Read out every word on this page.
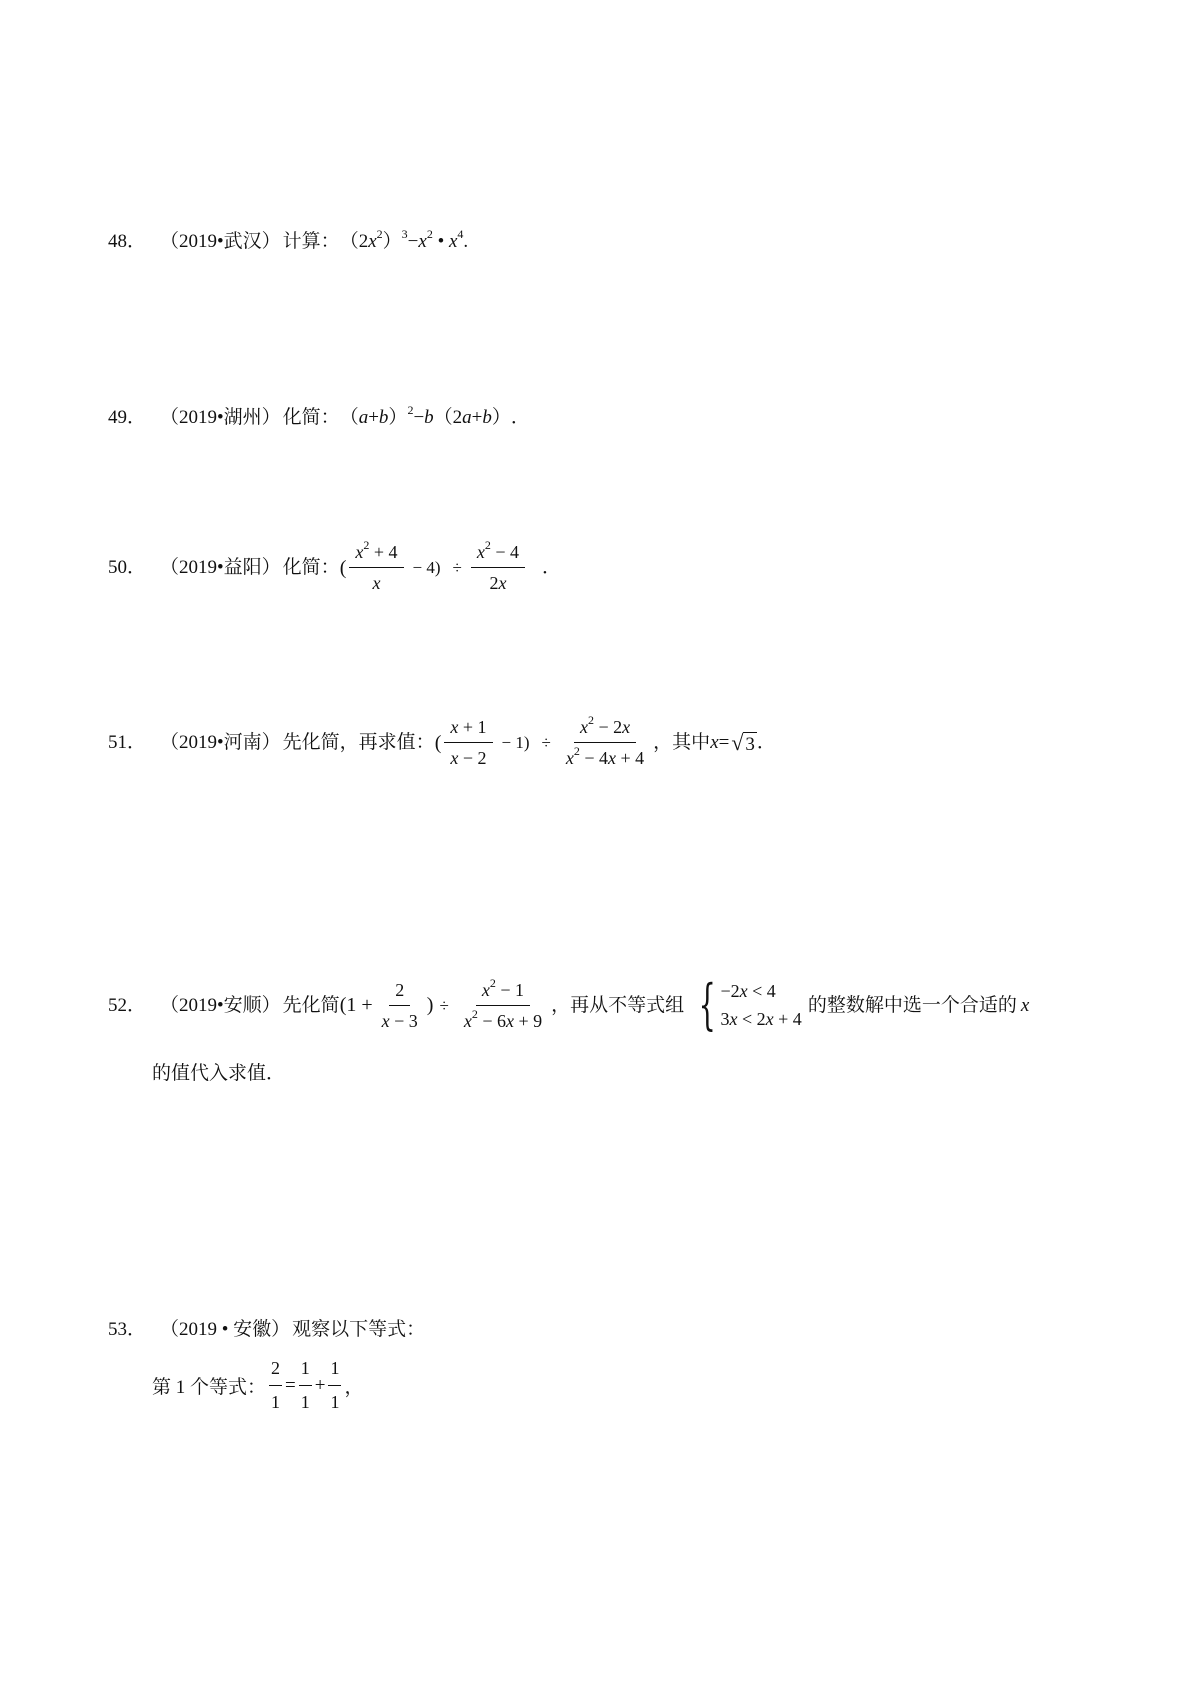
48． （2019•武汉） 计算： $(2x^2)^3-x^2$ • $x^4$ .
49． （2019•湖州） 化简： $(a+b)^2-b(2a+b)$ ．
50． （2019•益阳） 化简： ( $\frac{x^2 + 4}{x} - 4) \div \frac{x^2 - 4}{2x}$ ．
51． （2019•河南） 先化简，再求值： ( $\frac{x + 1}{x - 2} - 1) \div \frac{x^2 - 2x}{x^2 - 4x + 4}$ ，其中 x= √ 3 ．
52． （2019•安顺） 先化简 ($1 + \frac{2}{x - 3}$ ) ÷ $\frac{x^2 - 1}{x^2 - 6x + 9}$ ，再从不等式组 { −2x < 4
3x < 2x + 4
的整数解中选一个合适的 x
的值代入求值．
53． （2019 • 安徽） 观察以下等式：
第 1 个等式： $\frac{2}{1} = \frac{1}{1} + \frac{1}{1}$ ，
